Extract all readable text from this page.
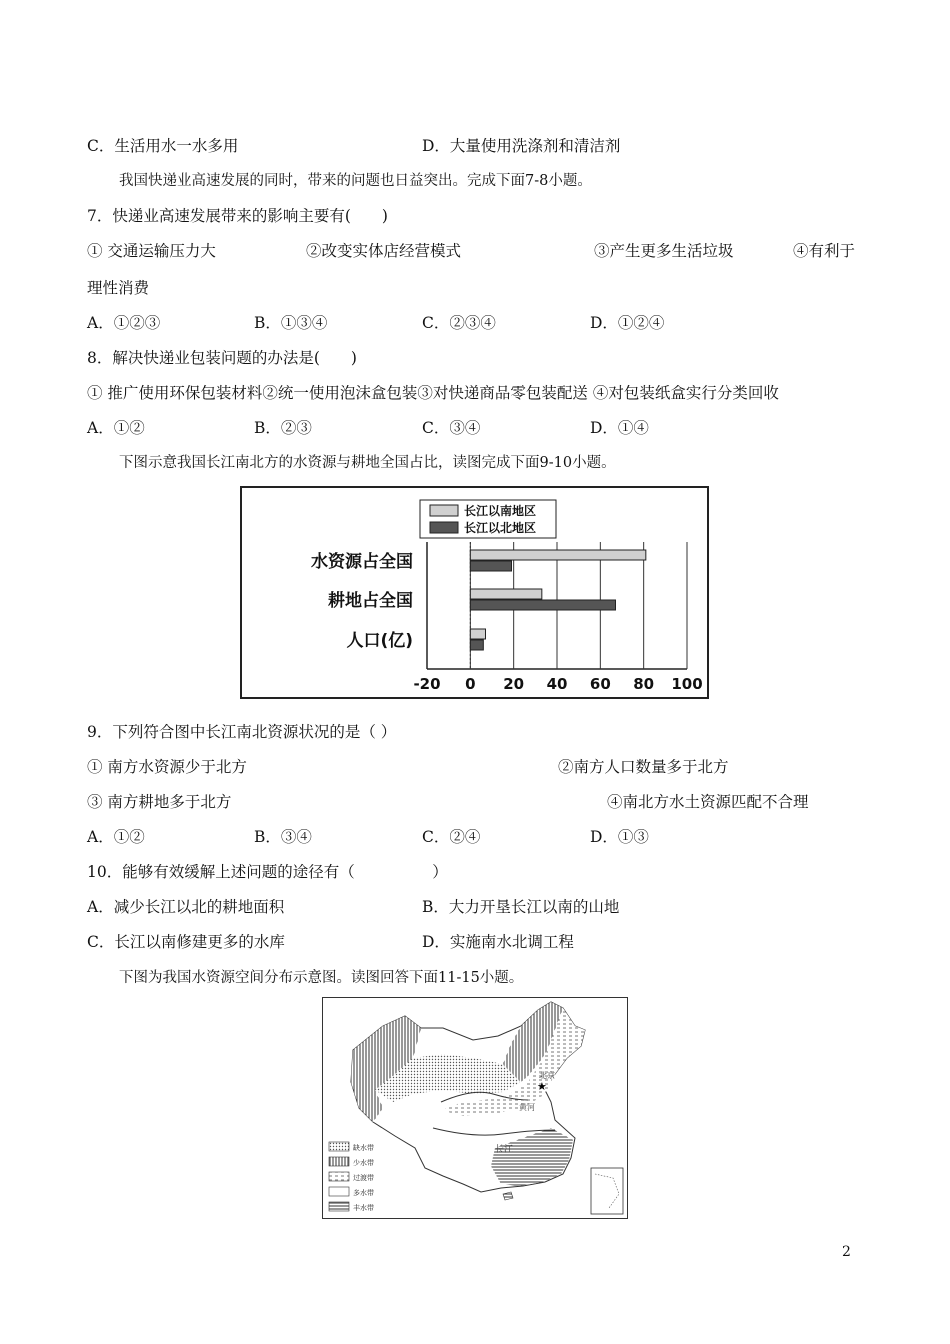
C．生活用水一水多用	D．大量使用洗涤剂和清洁剂
我国快递业高速发展的同时，带来的问题也日益突出。完成下面7-8小题。
7．快递业高速发展带来的影响主要有(　　)
① 交通运输压力大	②改变实体店经营模式	③产生更多生活垃圾	④有利于
理性消费
A．①②③	B．①③④	C．②③④	D．①②④
8．解决快递业包装问题的办法是(　　)
① 推广使用环保包装材料②统一使用泡沫盒包装③对快递商品零包装配送 ④对包装纸盒实行分类回收
A．①②	B．②③	C．③④	D．①④
下图示意我国长江南北方的水资源与耕地全国占比，读图完成下面9-10小题。
-20 0 20 40 60 80 100
水资源占全国
耕地占全国
人口(亿)
长江以南地区
长江以北地区
9．下列符合图中长江南北资源状况的是（ ）
① 南方水资源少于北方	②南方人口数量多于北方
③ 南方耕地多于北方	④南北方水土资源匹配不合理
A．①②	B．③④	C．②④	D．①③
10．能够有效缓解上述问题的途径有（　　　　　）
A．减少长江以北的耕地面积	B．大力开垦长江以南的山地
C．长江以南修建更多的水库	D．实施南水北调工程
下图为我国水资源空间分布示意图。读图回答下面11-15小题。
★
北京
黄河
长江
缺水带
少水带
过渡带
多水带
丰水带
2
